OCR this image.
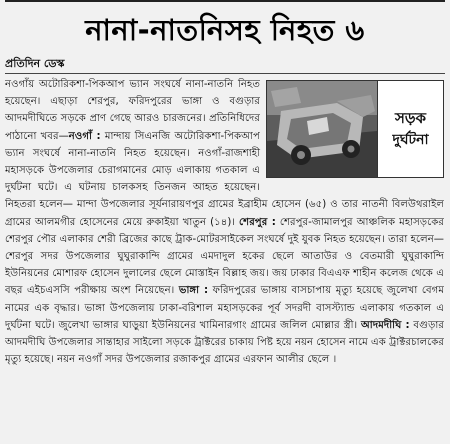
নানা-নাতনিসহ নিহত ৬
প্রতিদিন ডেস্ক
সড়ক
দুর্ঘটনা

নওগাঁয় অটোরিকশা-পিকআপ ভ্যান সংঘর্ষে নানা-নাতনি নিহত হয়েছেন। এছাড়া শেরপুর, ফরিদপুরের ভাঙ্গা ও বগুড়ার আদমদীঘিতে সড়কে প্রাণ গেছে আরও চারজনের। প্রতিনিধিদের পাঠানো খবর—নওগাঁ : মান্দায় সিএনজি অটোরিকশা-পিকআপ ভ্যান সংঘর্ষে নানা-নাতনি নিহত হয়েছেন। নওগাঁ-রাজশাহী মহাসড়কে উপজেলার চেরাগমানের মোড় এলাকায় গতকাল এ দুর্ঘটনা ঘটে। এ ঘটনায় চালকসহ তিনজন আহত হয়েছেন। নিহতরা হলেন— মান্দা উপজেলার সূর্যনারায়ণপুর গ্রামের ইব্রাহীম হোসেন (৬৫) ও তার নাতনী বিলউথরাইল গ্রামের আলমগীর হোসেনের মেয়ে রুকাইয়া খাতুন (১৪)। শেরপুর : শেরপুর-জামালপুর আঞ্চলিক মহাসড়কের শেরপুর পৌর এলাকার শেরী ব্রিজের কাছে ট্রাক-মোটরসাইকেল সংঘর্ষে দুই যুবক নিহত হয়েছেন। তারা হলেন— শেরপুর সদর উপজেলার ঘুঘুরাকান্দি গ্রামের এমদাদুল হকের ছেলে আতাউর ও বেতমারী ঘুঘুরাকান্দি ইউনিয়নের মোশারফ হোসেন দুলালের ছেলে মোস্তাইন বিল্লাহ জয়। জয় ঢাকার বিএএফ শাহীন কলেজ থেকে এ বছর এইচএসসি পরীক্ষায় অংশ নিয়েছেন। ভাঙ্গা : ফরিদপুরের ভাঙ্গায় বাসচাপায় মৃত্যু হয়েছে জুলেখা বেগম নামের এক বৃদ্ধার। ভাঙ্গা উপজেলায় ঢাকা-বরিশাল মহাসড়কের পূর্ব সদরদী বাসস্ট্যান্ড এলাকায় গতকাল এ দুর্ঘটনা ঘটে। জুলেখা ভাঙ্গার ঘাড়ুয়া ইউনিয়নের খামিনারগাং গ্রামের জলিল মোল্লার স্ত্রী। আদমদীঘি : বগুড়ার আদমদীঘি উপজেলার সান্তাহার সাইলো সড়কে ট্রাক্টরের চাকায় পিষ্ট হয়ে নয়ন হোসেন নামে এক ট্রাক্টরচালকের মৃত্যু হয়েছে। নয়ন নওগাঁ সদর উপজেলার রজাকপুর গ্রামের এরফান আলীর ছেলে ।
